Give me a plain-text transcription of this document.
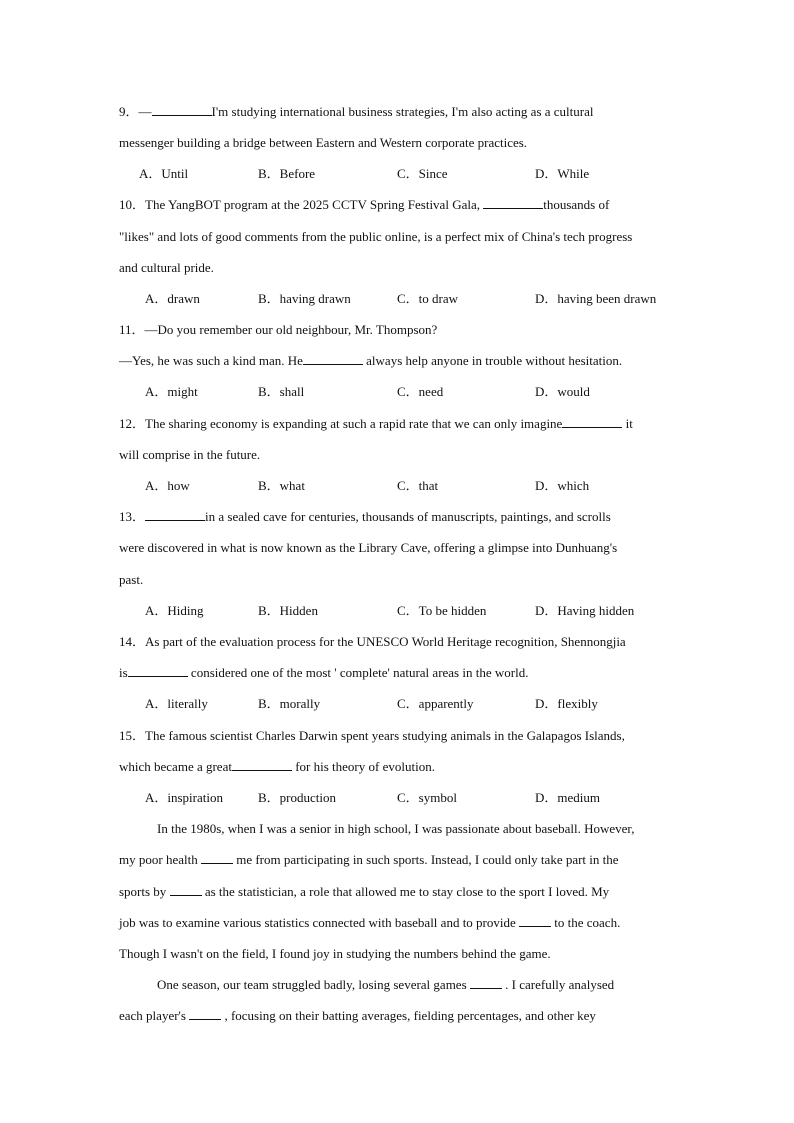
9．—	I'm studying international business strategies, I'm also acting as a cultural
messenger building a bridge between Eastern and Western corporate practices.
A．Until	B．Before	C．Since	D．While
10．The YangBOT program at the 2025 CCTV Spring Festival Gala,	thousands of
"likes" and lots of good comments from the public online, is a perfect mix of China's tech progress
and cultural pride.
A．drawn	B．having drawn	C．to draw	D．having been drawn
11．—Do you remember our old neighbour, Mr. Thompson?
—Yes, he was such a kind man. He	always help anyone in trouble without hesitation.
A．might	B．shall	C．need	D．would
12．The sharing economy is expanding at such a rapid rate that we can only imagine	it
will comprise in the future.
A．how	B．what	C．that	D．which
13．	in a sealed cave for centuries, thousands of manuscripts, paintings, and scrolls
were discovered in what is now known as the Library Cave, offering a glimpse into Dunhuang's
past.
A．Hiding	B．Hidden	C．To be hidden	D．Having hidden
14．As part of the evaluation process for the UNESCO World Heritage recognition, Shennongjia
is	considered one of the most ' complete' natural areas in the world.
A．literally	B．morally	C．apparently	D．flexibly
15．The famous scientist Charles Darwin spent years studying animals in the Galapagos Islands,
which became a great	for his theory of evolution.
A．inspiration	B．production	C．symbol	D．medium
In the 1980s, when I was a senior in high school, I was passionate about baseball. However,
my poor health  me from participating in such sports. Instead, I could only take part in the
sports by  as the statistician, a role that allowed me to stay close to the sport I loved. My
job was to examine various statistics connected with baseball and to provide  to the coach.
Though I wasn't on the field, I found joy in studying the numbers behind the game.
One season, our team struggled badly, losing several games  . I carefully analysed
each player's  , focusing on their batting averages, fielding percentages, and other key
